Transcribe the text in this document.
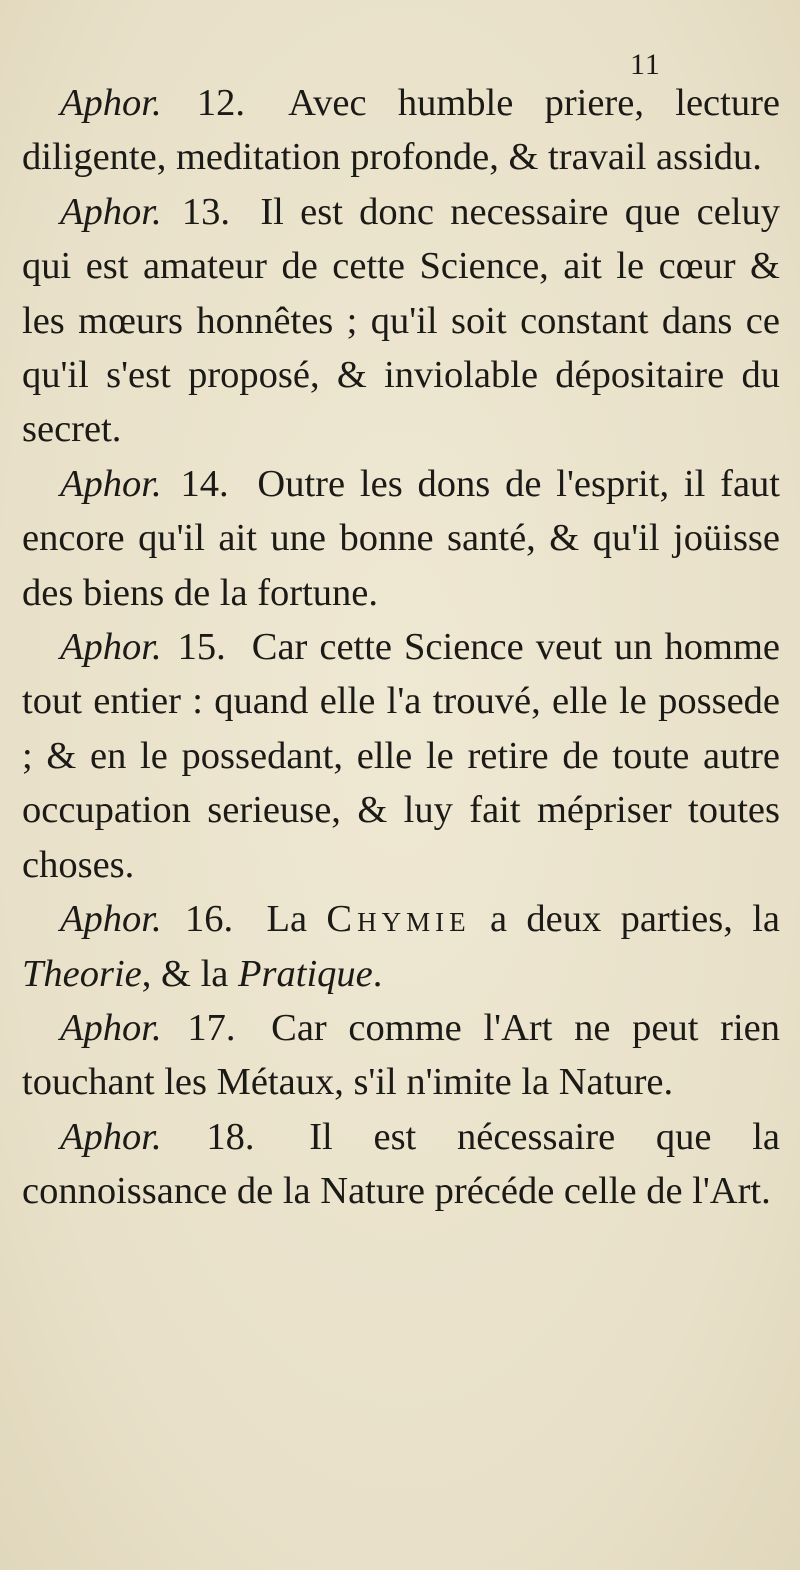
11

Aphor. 12. Avec humble priere, lecture diligente, meditation profonde, & travail assidu.

Aphor. 13. Il est donc necessaire que celuy qui est amateur de cette Science, ait le cœur & les mœurs honnêtes ; qu'il soit constant dans ce qu'il s'est proposé, & inviolable dépositaire du secret.

Aphor. 14. Outre les dons de l'esprit, il faut encore qu'il ait une bonne santé, & qu'il joüisse des biens de la fortune.

Aphor. 15. Car cette Science veut un homme tout entier : quand elle l'a trouvé, elle le possede ; & en le possedant, elle le retire de toute autre occupation serieuse, & luy fait mépriser toutes choses.

Aphor. 16. La Chymie a deux parties, la Theorie, & la Pratique.

Aphor. 17. Car comme l'Art ne peut rien touchant les Métaux, s'il n'imite la Nature.

Aphor. 18. Il est nécessaire que la connoissance de la Nature précéde celle de l'Art.
